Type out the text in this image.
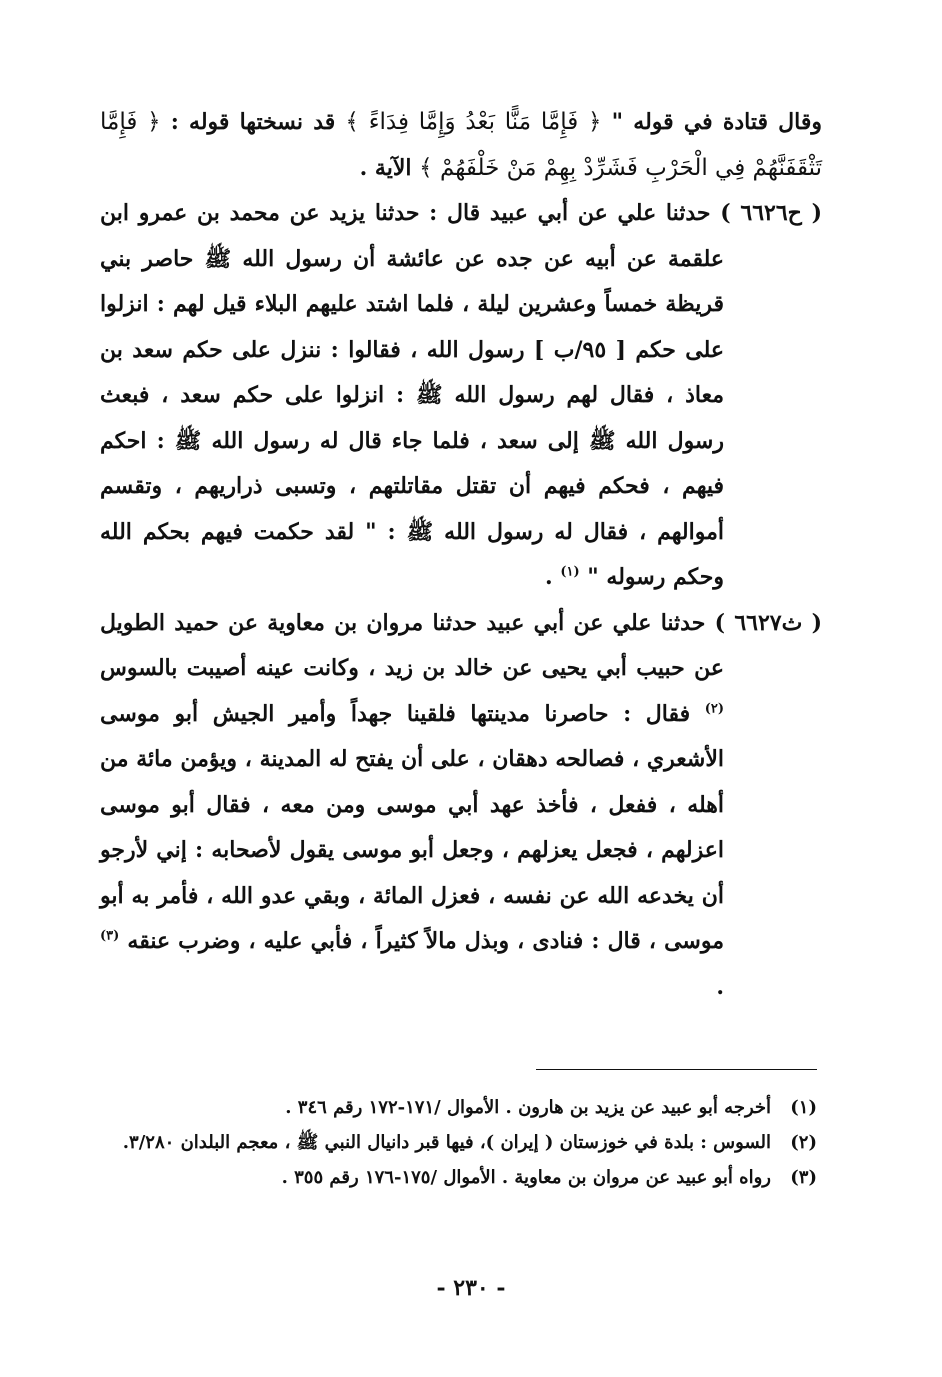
وقال قتادة في قوله " ﴿ فَإِمَّا مَنًّا بَعْدُ وَإِمَّا فِدَاءً ﴾ قد نسختها قوله : ﴿ فَإِمَّا تَثْقَفَنَّهُمْ فِي الْحَرْبِ فَشَرِّدْ بِهِمْ مَنْ خَلْفَهُمْ ﴾ الآية .

( ح٦٦٢٦ ) حدثنا علي عن أبي عبيد قال : حدثنا يزيد عن محمد بن عمرو ابن علقمة عن أبيه عن جده عن عائشة أن رسول الله ﷺ حاصر بني قريظة خمساً وعشرين ليلة ، فلما اشتد عليهم البلاء قيل لهم : انزلوا على حكم [ ٩٥/ب ] رسول الله ، فقالوا : ننزل على حكم سعد بن معاذ ، فقال لهم رسول الله ﷺ : انزلوا على حكم سعد ، فبعث رسول الله ﷺ إلى سعد ، فلما جاء قال له رسول الله ﷺ : احكم فيهم ، فحكم فيهم أن تقتل مقاتلتهم ، وتسبى ذراريهم ، وتقسم أموالهم ، فقال له رسول الله ﷺ : " لقد حكمت فيهم بحكم الله وحكم رسوله " $^{(١)}$ .

( ث٦٦٢٧ ) حدثنا علي عن أبي عبيد حدثنا مروان بن معاوية عن حميد الطويل عن حبيب أبي يحيى عن خالد بن زيد ، وكانت عينه أصيبت بالسوس $^{(٢)}$ فقال : حاصرنا مدينتها فلقينا جهداً وأمير الجيش أبو موسى الأشعري ، فصالحه دهقان ، على أن يفتح له المدينة ، ويؤمن مائة من أهله ، ففعل ، فأخذ عهد أبي موسى ومن معه ، فقال أبو موسى اعزلهم ، فجعل يعزلهم ، وجعل أبو موسى يقول لأصحابه : إني لأرجو أن يخدعه الله عن نفسه ، فعزل المائة ، وبقي عدو الله ، فأمر به أبو موسى ، قال : فنادى ، وبذل مالاً كثيراً ، فأبي عليه ، وضرب عنقه $^{(٣)}$ .

(١)
أخرجه أبو عبيد عن يزيد بن هارون . الأموال /١٧١-١٧٢ رقم ٣٤٦ .
(٢)
السوس : بلدة في خوزستان ( إيران )، فيها قبر دانيال النبي ﷺ ، معجم البلدان ٣/٢٨٠.
(٣)
رواه أبو عبيد عن مروان بن معاوية . الأموال /١٧٥-١٧٦ رقم ٣٥٥ .
- ٢٣٠ -
